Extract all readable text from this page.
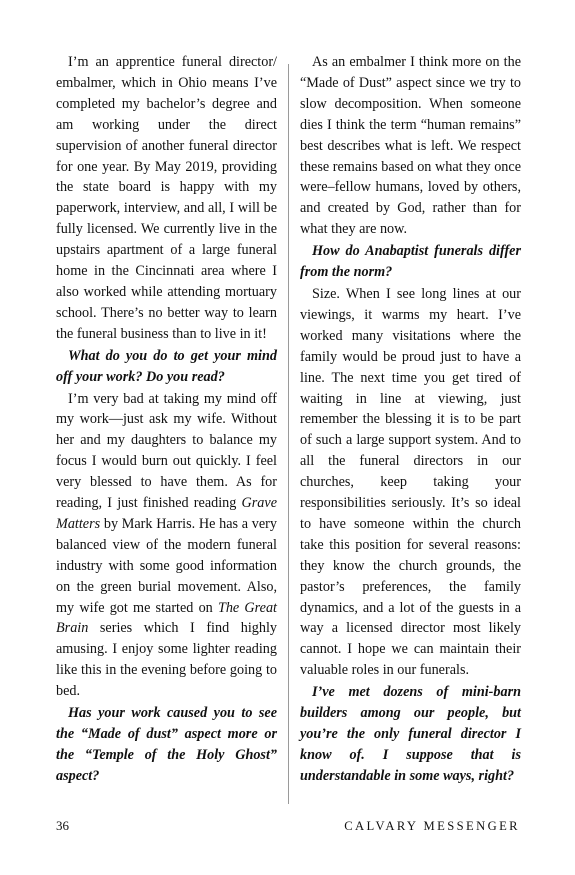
I’m an apprentice funeral director/ embalmer, which in Ohio means I’ve completed my bachelor’s degree and am working under the direct supervision of another funeral director for one year. By May 2019, providing the state board is happy with my paperwork, interview, and all, I will be fully licensed. We currently live in the upstairs apartment of a large funeral home in the Cincinnati area where I also worked while attending mortuary school. There’s no better way to learn the funeral business than to live in it!

What do you do to get your mind off your work? Do you read?

I’m very bad at taking my mind off my work—just ask my wife. Without her and my daughters to balance my focus I would burn out quickly. I feel very blessed to have them. As for reading, I just finished reading Grave Matters by Mark Harris. He has a very balanced view of the modern funeral industry with some good information on the green burial movement. Also, my wife got me started on The Great Brain series which I find highly amusing. I enjoy some lighter reading like this in the evening before going to bed.

Has your work caused you to see the “Made of dust” aspect more or the “Temple of the Holy Ghost” aspect?

As an embalmer I think more on the “Made of Dust” aspect since we try to slow decomposition. When someone dies I think the term “human remains” best describes what is left. We respect these remains based on what they once were–fellow humans, loved by others, and created by God, rather than for what they are now.

How do Anabaptist funerals differ from the norm?

Size. When I see long lines at our viewings, it warms my heart. I’ve worked many visitations where the family would be proud just to have a line. The next time you get tired of waiting in line at viewing, just remember the blessing it is to be part of such a large support system. And to all the funeral directors in our churches, keep taking your responsibilities seriously. It’s so ideal to have someone within the church take this position for several reasons: they know the church grounds, the pastor’s preferences, the family dynamics, and a lot of the guests in a way a licensed director most likely cannot. I hope we can maintain their valuable roles in our funerals.

I’ve met dozens of mini-barn builders among our people, but you’re the only funeral director I know of. I suppose that is understandable in some ways, right?

36	CALVARY MESSENGER
